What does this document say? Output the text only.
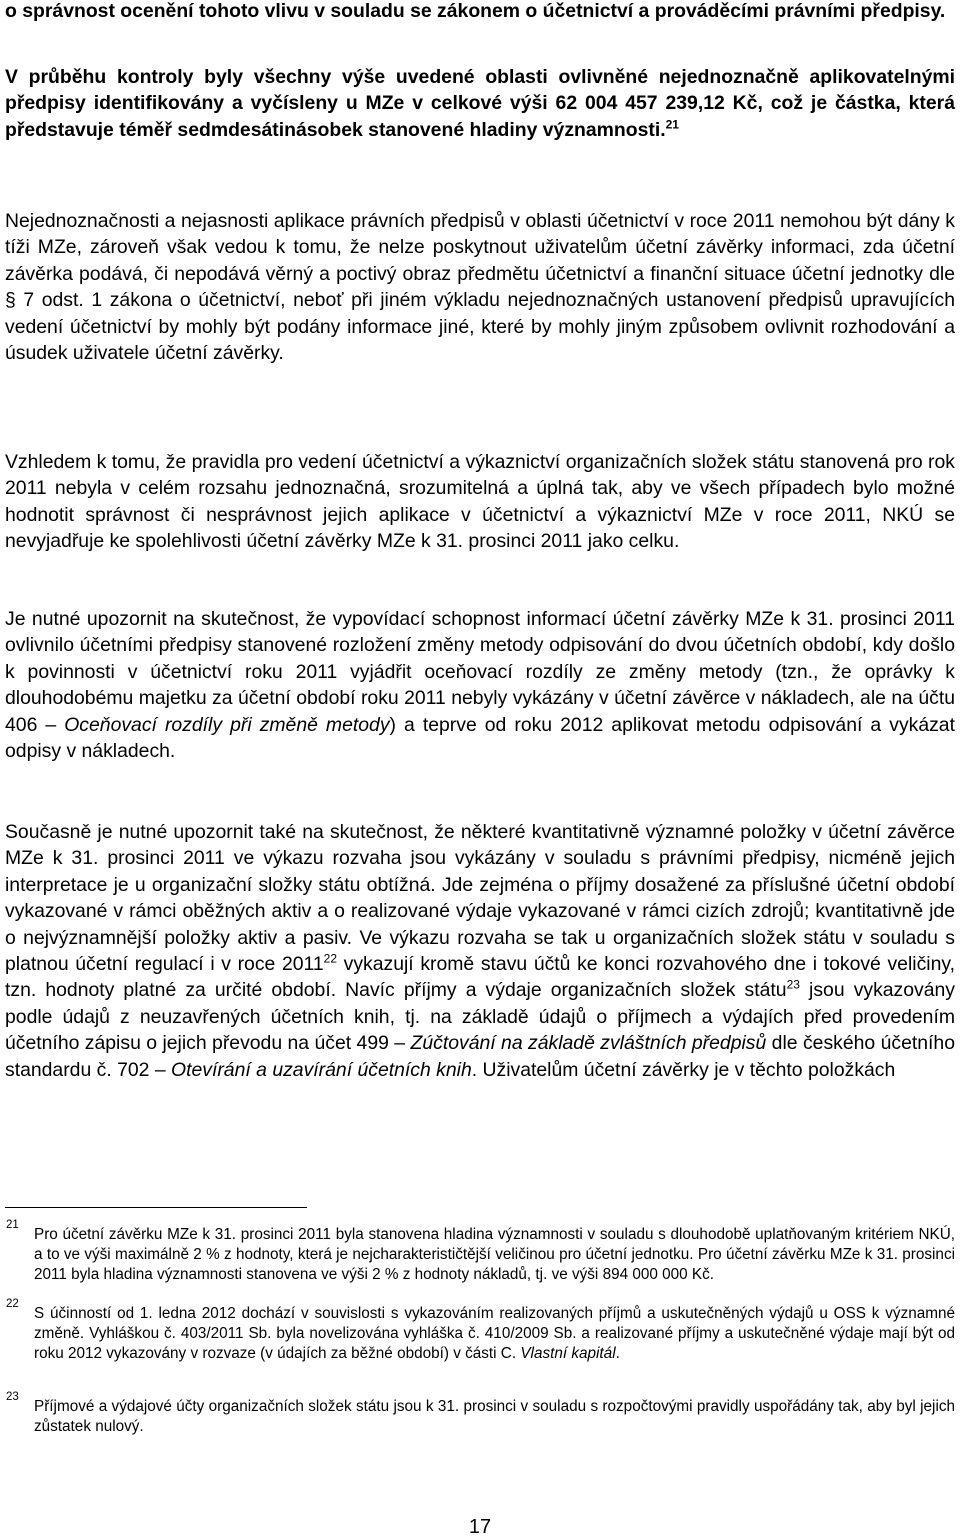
o správnost ocenění tohoto vlivu v souladu se zákonem o účetnictví a prováděcími právními předpisy.

V průběhu kontroly byly všechny výše uvedené oblasti ovlivněné nejednoznačně aplikovatelnými předpisy identifikovány a vyčísleny u MZe v celkové výši 62 004 457 239,12 Kč, což je částka, která představuje téměř sedmdesátinásobek stanovené hladiny významnosti.$^{21}$

Nejednoznačnosti a nejasnosti aplikace právních předpisů v oblasti účetnictví v roce 2011 nemohou být dány k tíži MZe, zároveň však vedou k tomu, že nelze poskytnout uživatelům účetní závěrky informaci, zda účetní závěrka podává, či nepodává věrný a poctivý obraz předmětu účetnictví a finanční situace účetní jednotky dle § 7 odst. 1 zákona o účetnictví, neboť při jiném výkladu nejednoznačných ustanovení předpisů upravujících vedení účetnictví by mohly být podány informace jiné, které by mohly jiným způsobem ovlivnit rozhodování a úsudek uživatele účetní závěrky.

Vzhledem k tomu, že pravidla pro vedení účetnictví a výkaznictví organizačních složek státu stanovená pro rok 2011 nebyla v celém rozsahu jednoznačná, srozumitelná a úplná tak, aby ve všech případech bylo možné hodnotit správnost či nesprávnost jejich aplikace v účetnictví a výkaznictví MZe v roce 2011, NKÚ se nevyjadřuje ke spolehlivosti účetní závěrky MZe k 31. prosinci 2011 jako celku.

Je nutné upozornit na skutečnost, že vypovídací schopnost informací účetní závěrky MZe k 31. prosinci 2011 ovlivnilo účetními předpisy stanovené rozložení změny metody odpisování do dvou účetních období, kdy došlo k povinnosti v účetnictví roku 2011 vyjádřit oceňovací rozdíly ze změny metody (tzn., že oprávky k dlouhodobému majetku za účetní období roku 2011 nebyly vykázány v účetní závěrce v nákladech, ale na účtu 406 – Oceňovací rozdíly při změně metody) a teprve od roku 2012 aplikovat metodu odpisování a vykázat odpisy v nákladech.

Současně je nutné upozornit také na skutečnost, že některé kvantitativně významné položky v účetní závěrce MZe k 31. prosinci 2011 ve výkazu rozvaha jsou vykázány v souladu s právními předpisy, nicméně jejich interpretace je u organizační složky státu obtížná. Jde zejména o příjmy dosažené za příslušné účetní období vykazované v rámci oběžných aktiv a o realizované výdaje vykazované v rámci cizích zdrojů; kvantitativně jde o nejvýznamnější položky aktiv a pasiv. Ve výkazu rozvaha se tak u organizačních složek státu v souladu s platnou účetní regulací i v roce 2011$^{22}$ vykazují kromě stavu účtů ke konci rozvahového dne i tokové veličiny, tzn. hodnoty platné za určité období. Navíc příjmy a výdaje organizačních složek státu$^{23}$ jsou vykazovány podle údajů z neuzavřených účetních knih, tj. na základě údajů o příjmech a výdajích před provedením účetního zápisu o jejich převodu na účet 499 – Zúčtování na základě zvláštních předpisů dle českého účetního standardu č. 702 – Otevírání a uzavírání účetních knih. Uživatelům účetní závěrky je v těchto položkách

21
Pro účetní závěrku MZe k 31. prosinci 2011 byla stanovena hladina významnosti v souladu s dlouhodobě uplatňovaným kritériem NKÚ, a to ve výši maximálně 2 % z hodnoty, která je nejcharakterističtější veličinou pro účetní jednotku. Pro účetní závěrku MZe k 31. prosinci 2011 byla hladina významnosti stanovena ve výši 2 % z hodnoty nákladů, tj. ve výši 894 000 000 Kč.
22
S účinností od 1. ledna 2012 dochází v souvislosti s vykazováním realizovaných příjmů a uskutečněných výdajů u OSS k významné změně. Vyhláškou č. 403/2011 Sb. byla novelizována vyhláška č. 410/2009 Sb. a realizované příjmy a uskutečněné výdaje mají být od roku 2012 vykazovány v rozvaze (v údajích za běžné období) v části C. Vlastní kapitál.
23
Příjmové a výdajové účty organizačních složek státu jsou k 31. prosinci v souladu s rozpočtovými pravidly uspořádány tak, aby byl jejich zůstatek nulový.
17
